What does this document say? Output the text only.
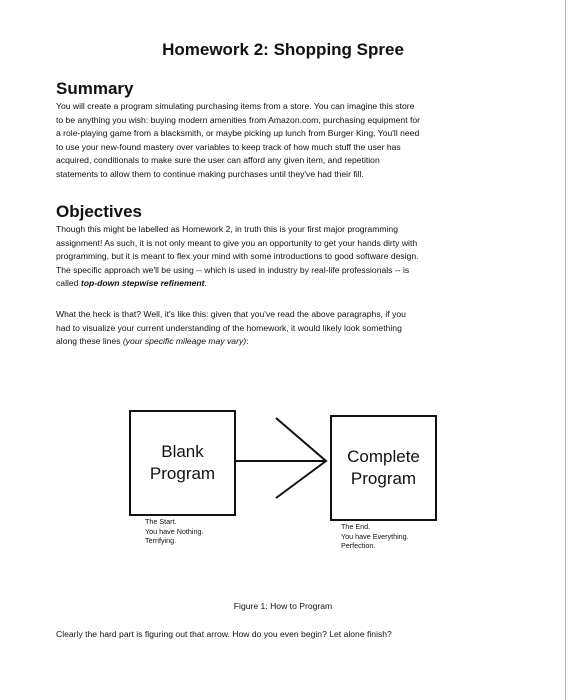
Homework 2: Shopping Spree
Summary
You will create a program simulating purchasing items from a store. You can imagine this store
to be anything you wish: buying modern amenities from Amazon.com, purchasing equipment for
a role-playing game from a blacksmith, or maybe picking up lunch from Burger King. You'll need
to use your new-found mastery over variables to keep track of how much stuff the user has
acquired, conditionals to make sure the user can afford any given item, and repetition
statements to allow them to continue making purchases until they've had their fill.
Objectives
Though this might be labelled as Homework 2, in truth this is your first major programming
assignment! As such, it is not only meant to give you an opportunity to get your hands dirty with
programming, but it is meant to flex your mind with some introductions to good software design.
The specific approach we'll be using -- which is used in industry by real-life professionals -- is
called top-down stepwise refinement.
What the heck is that? Well, it's like this: given that you've read the above paragraphs, if you
had to visualize your current understanding of the homework, it would likely look something
along these lines (your specific mileage may vary):
Blank
Program
Complete
Program
The Start.
You have Nothing.
Terrifying.
The End.
You have Everything.
Perfection.
Figure 1: How to Program
Clearly the hard part is figuring out that arrow. How do you even begin? Let alone finish?
